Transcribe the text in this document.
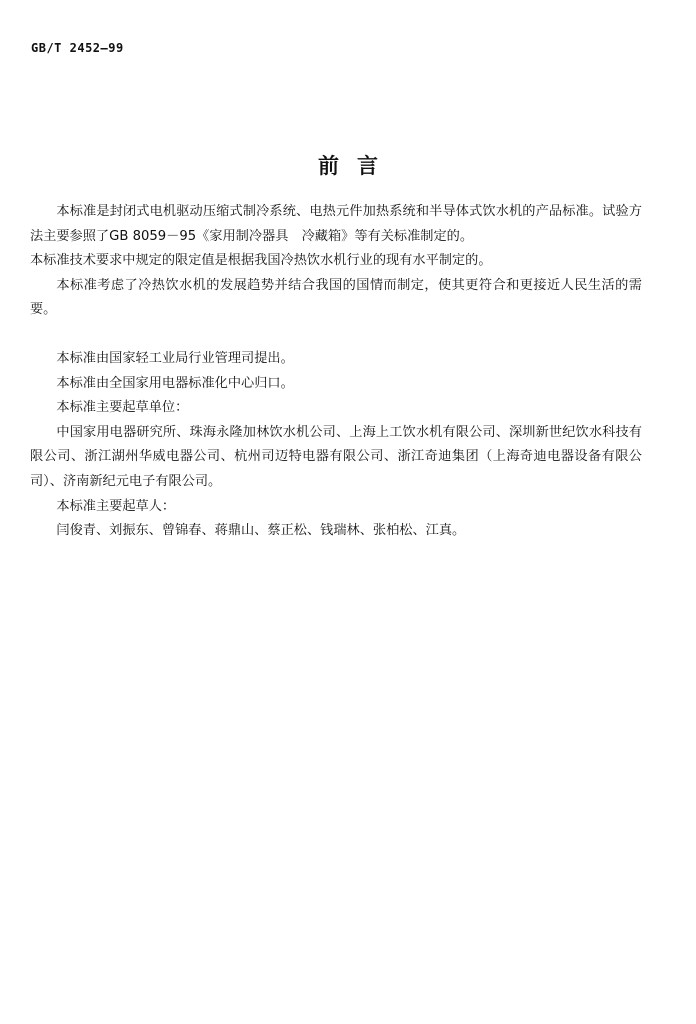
GB/T 2452—99
前言

本标准是封闭式电机驱动压缩式制冷系统、电热元件加热系统和半导体式饮水机的产品标准。试验方法主要参照了GB 8059－95《家用制冷器具　冷藏箱》等有关标准制定的。

本标准技术要求中规定的限定值是根据我国冷热饮水机行业的现有水平制定的。

本标准考虑了冷热饮水机的发展趋势并结合我国的国情而制定，使其更符合和更接近人民生活的需要。

本标准由国家轻工业局行业管理司提出。

本标准由全国家用电器标准化中心归口。

本标准主要起草单位：

中国家用电器研究所、珠海永隆加林饮水机公司、上海上工饮水机有限公司、深圳新世纪饮水科技有限公司、浙江湖州华威电器公司、杭州司迈特电器有限公司、浙江奇迪集团（上海奇迪电器设备有限公司）、济南新纪元电子有限公司。

本标准主要起草人：

闫俊青、刘振东、曾锦春、蒋鼎山、蔡正松、钱瑞林、张柏松、江真。
